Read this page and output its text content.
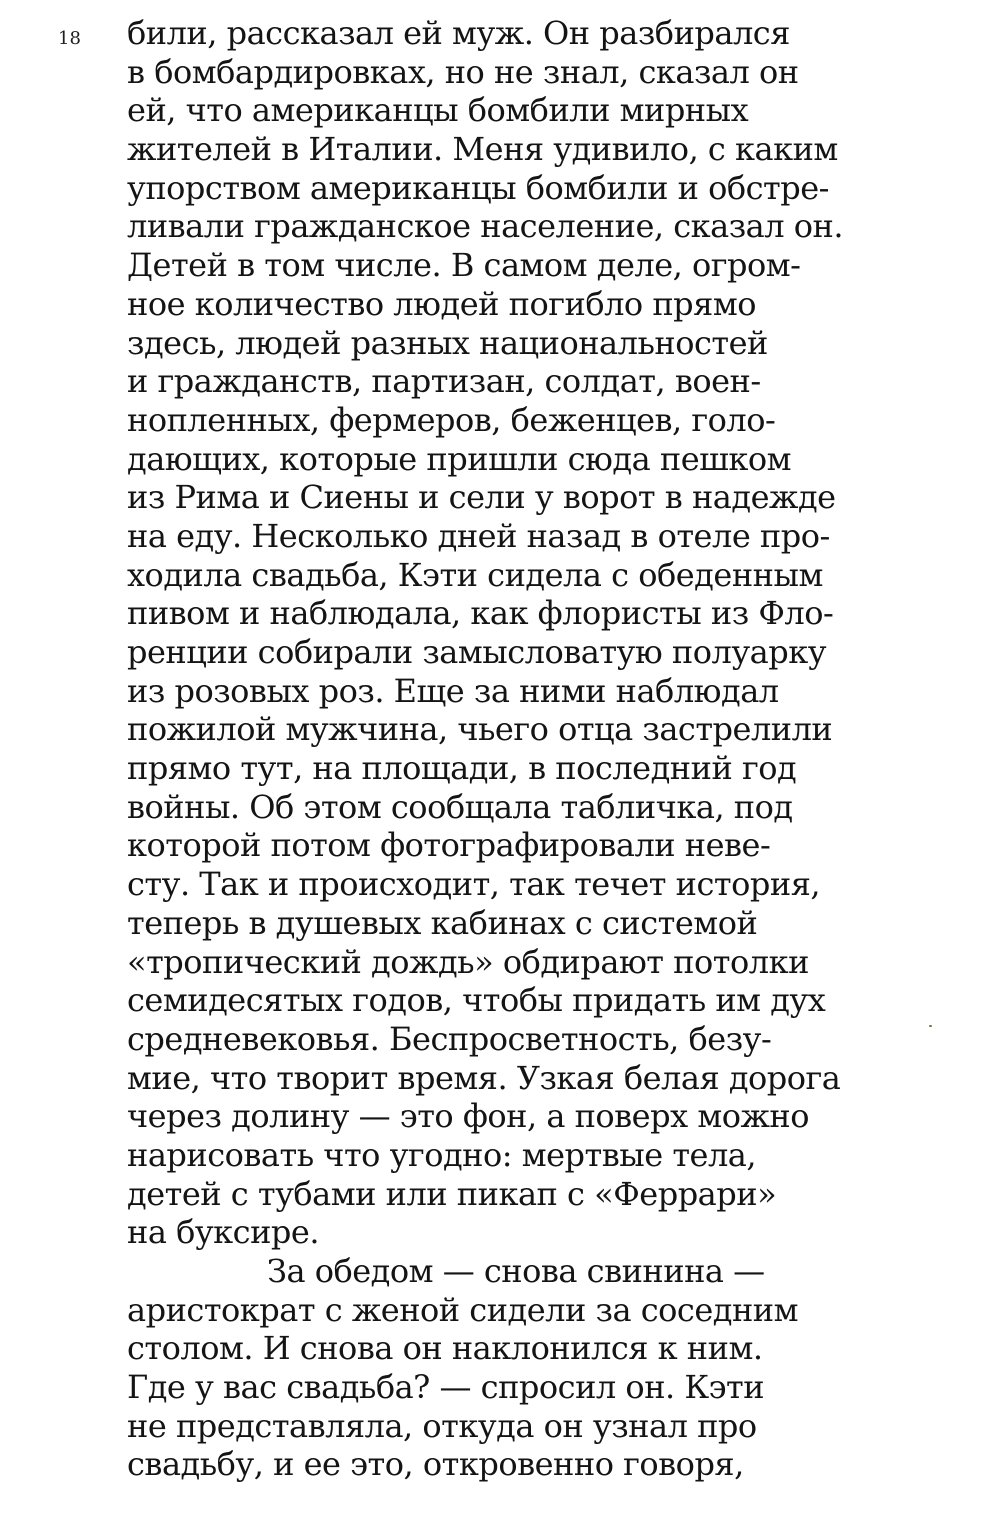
18 били, рассказал ей муж. Он разбирался
в бомбардировках, но не знал, сказал он
ей, что американцы бомбили мирных
жителей в Италии. Меня удивило, с каким
упорством американцы бомбили и обстре-
ливали гражданское население, сказал он.
Детей в том числе. В самом деле, огром-
ное количество людей погибло прямо
здесь, людей разных национальностей
и гражданств, партизан, солдат, воен-
нопленных, фермеров, беженцев, голо-
дающих, которые пришли сюда пешком
из Рима и Сиены и сели у ворот в надежде
на еду. Несколько дней назад в отеле про-
ходила свадьба, Кэти сидела с обеденным
пивом и наблюдала, как флористы из Фло-
ренции собирали замысловатую полуарку
из розовых роз. Еще за ними наблюдал
пожилой мужчина, чьего отца застрелили
прямо тут, на площади, в последний год
войны. Об этом сообщала табличка, под
которой потом фотографировали неве-
сту. Так и происходит, так течет история,
теперь в душевых кабинах с системой
«тропический дождь» обдирают потолки
семидесятых годов, чтобы придать им дух
средневековья. Беспросветность, безу-
мие, что творит время. Узкая белая дорога
через долину — это фон, а поверх можно
нарисовать что угодно: мертвые тела,
детей с тубами или пикап с «Феррари»
на буксире.
За обедом — снова свинина —
аристократ с женой сидели за соседним
столом. И снова он наклонился к ним.
Где у вас свадьба? — спросил он. Кэти
не представляла, откуда он узнал про
свадьбу, и ее это, откровенно говоря,
